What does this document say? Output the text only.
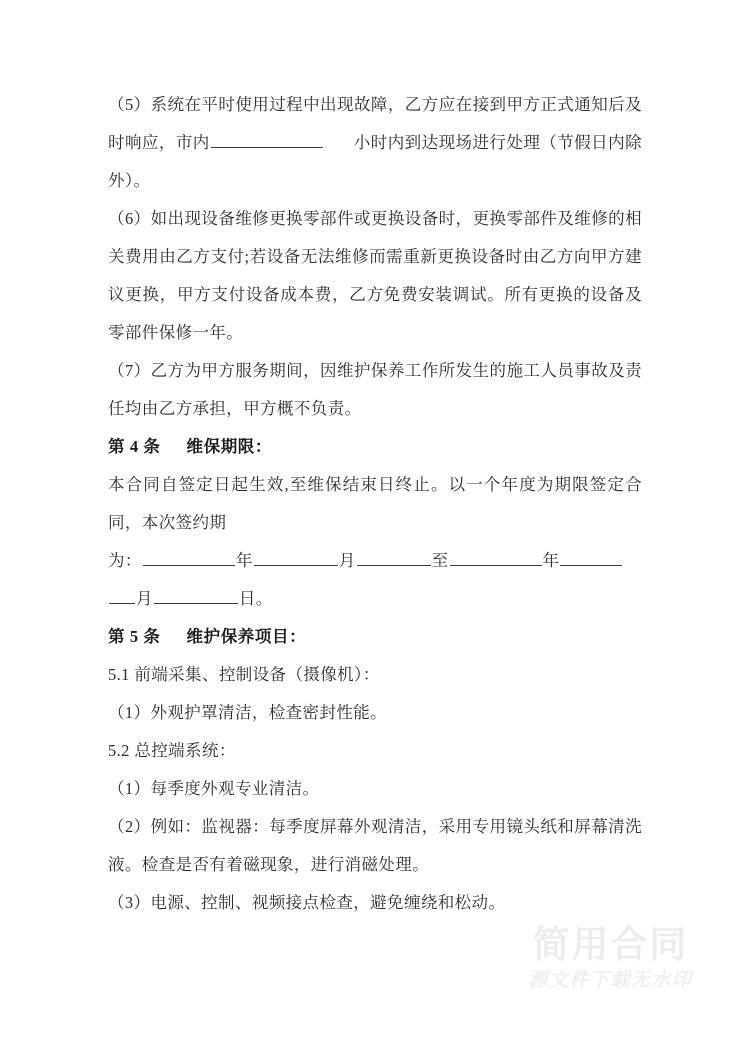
（5）系统在平时使用过程中出现故障，乙方应在接到甲方正式通知后及时响应，市内	小时内到达现场进行处理（节假日内除外）。
（6）如出现设备维修更换零部件或更换设备时，更换零部件及维修的相关费用由乙方支付;若设备无法维修而需重新更换设备时由乙方向甲方建议更换，甲方支付设备成本费，乙方免费安装调试。所有更换的设备及零部件保修一年。
（7）乙方为甲方服务期间，因维护保养工作所发生的施工人员事故及责任均由乙方承担，甲方概不负责。
第 4 条 维保期限：
本合同自签定日起生效,至维保结束日终止。以一个年度为期限签定合同，本次签约期
为：	年	月	至	年
月	日。
第 5 条 维护保养项目：
5.1 前端采集、控制设备（摄像机）：
（1）外观护罩清洁，检查密封性能。
5.2 总控端系统：
（1）每季度外观专业清洁。
（2）例如：监视器：每季度屏幕外观清洁，采用专用镜头纸和屏幕清洗液。检查是否有着磁现象，进行消磁处理。
（3）电源、控制、视频接点检查，避免缠绕和松动。
简用合同
源文件下载无水印
